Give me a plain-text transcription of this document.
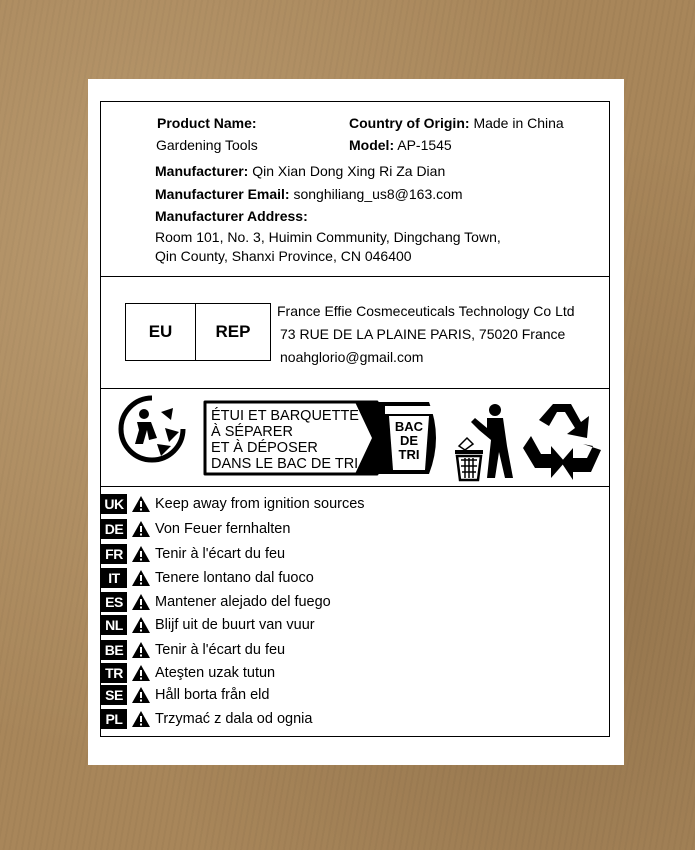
Product Name:
Gardening Tools
Country of Origin: Made in China
Model: AP-1545
Manufacturer: Qin Xian Dong Xing Ri Za Dian
Manufacturer Email: songhiliang_us8@163.com
Manufacturer Address:
Room 101, No. 3, Huimin Community, Dingchang Town,
Qin County, Shanxi Province, CN 046400
EU	REP
France Effie Cosmeceuticals Technology Co Ltd
73 RUE DE LA PLAINE PARIS, 75020 France
noahglorio@gmail.com
ÉTUI ET BARQUETTE
À SÉPARER
ET À DÉPOSER
DANS LE BAC DE TRI
BAC
DE
TRI
UK Keep away from ignition sources
DE Von Feuer fernhalten
FR Tenir à l'écart du feu
IT	Tenere lontano dal fuoco
ES Mantener alejado del fuego
NL Blijf uit de buurt van vuur
BE Tenir à l'écart du feu
TR Ateşten uzak tutun
SE Håll borta från eld
PL	Trzymać z dala od ognia
